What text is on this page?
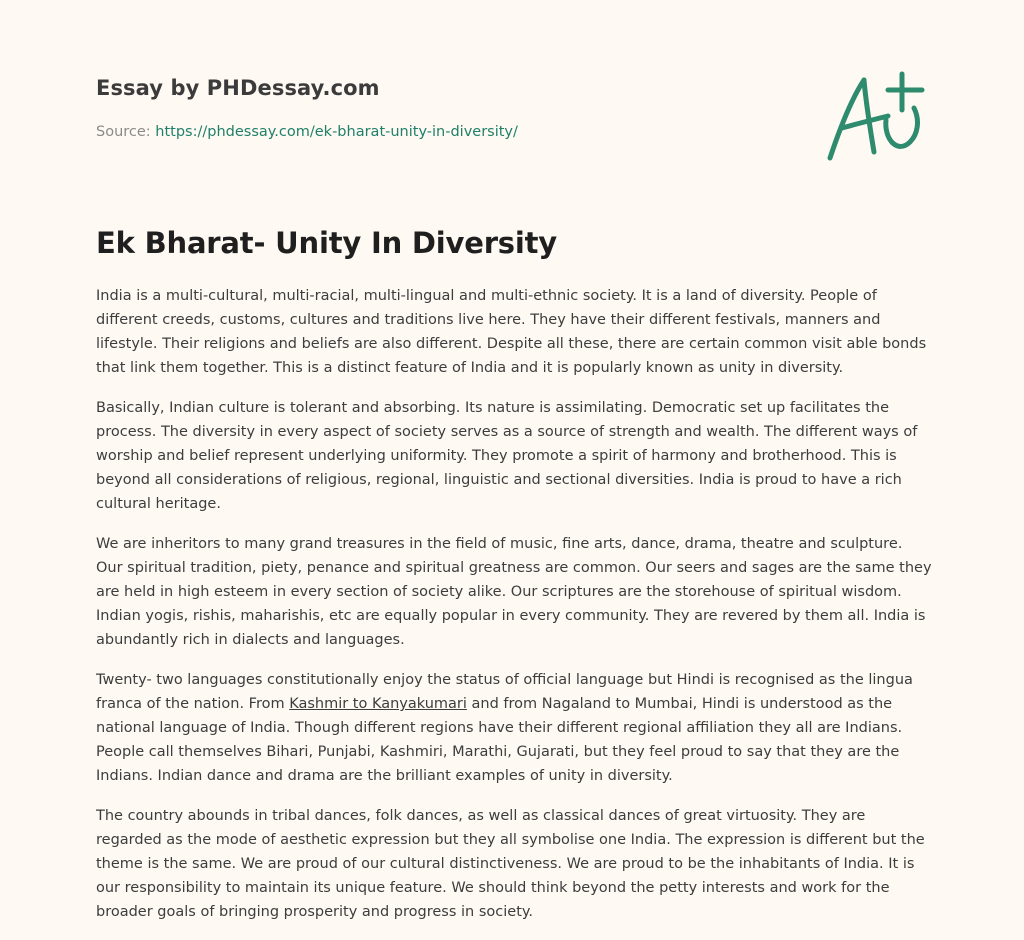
Essay by PHDessay.com
Source: https://phdessay.com/ek-bharat-unity-in-diversity/
Ek Bharat- Unity In Diversity

India is a multi-cultural, multi-racial, multi-lingual and multi-ethnic society. It is a land of diversity. People of different creeds, customs, cultures and traditions live here. They have their different festivals, manners and lifestyle. Their religions and beliefs are also different. Despite all these, there are certain common visit able bonds that link them together. This is a distinct feature of India and it is popularly known as unity in diversity.

Basically, Indian culture is tolerant and absorbing. Its nature is assimilating. Democratic set up facilitates the process. The diversity in every aspect of society serves as a source of strength and wealth. The different ways of worship and belief represent underlying uniformity. They promote a spirit of harmony and brotherhood. This is beyond all considerations of religious, regional, linguistic and sectional diversities. India is proud to have a rich cultural heritage.

We are inheritors to many grand treasures in the field of music, fine arts, dance, drama, theatre and sculpture. Our spiritual tradition, piety, penance and spiritual greatness are common. Our seers and sages are the same they are held in high esteem in every section of society alike. Our scriptures are the storehouse of spiritual wisdom. Indian yogis, rishis, maharishis, etc are equally popular in every community. They are revered by them all. India is abundantly rich in dialects and languages.

Twenty- two languages constitutionally enjoy the status of official language but Hindi is recognised as the lingua franca of the nation. From Kashmir to Kanyakumari and from Nagaland to Mumbai, Hindi is understood as the national language of India. Though different regions have their different regional affiliation they all are Indians. People call themselves Bihari, Punjabi, Kashmiri, Marathi, Gujarati, but they feel proud to say that they are the Indians. Indian dance and drama are the brilliant examples of unity in diversity.

The country abounds in tribal dances, folk dances, as well as classical dances of great virtuosity. They are regarded as the mode of aesthetic expression but they all symbolise one India. The expression is different but the theme is the same. We are proud of our cultural distinctiveness. We are proud to be the inhabitants of India. It is our responsibility to maintain its unique feature. We should think beyond the petty interests and work for the broader goals of bringing prosperity and progress in society.
